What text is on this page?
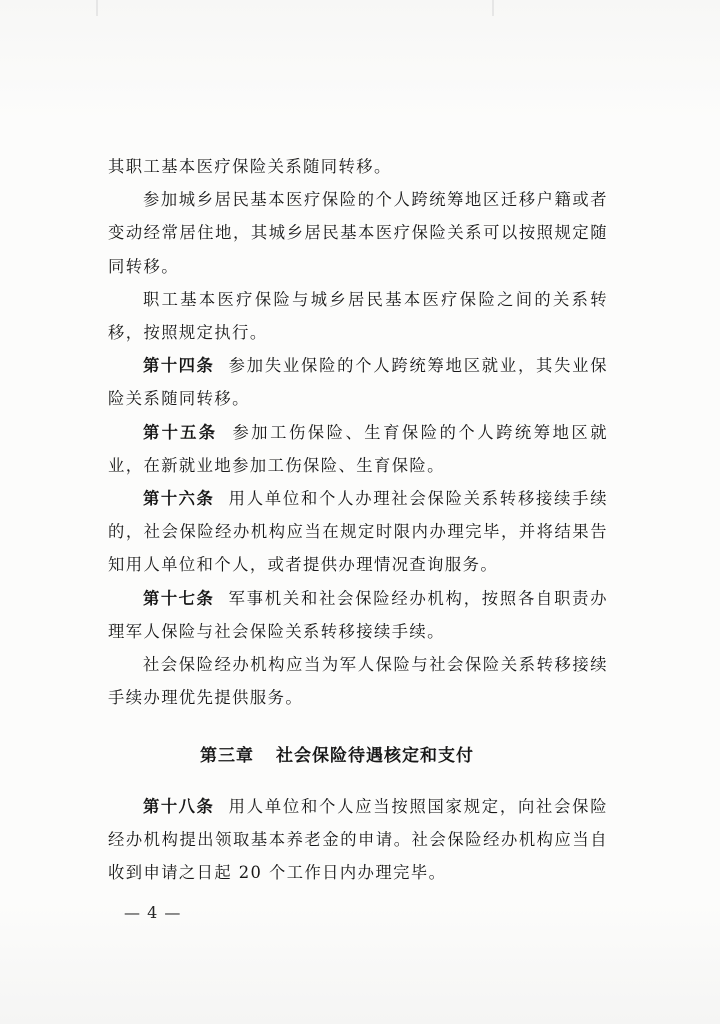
其职工基本医疗保险关系随同转移。

参加城乡居民基本医疗保险的个人跨统筹地区迁移户籍或者变动经常居住地，其城乡居民基本医疗保险关系可以按照规定随同转移。

职工基本医疗保险与城乡居民基本医疗保险之间的关系转移，按照规定执行。

第十四条 参加失业保险的个人跨统筹地区就业，其失业保险关系随同转移。

第十五条 参加工伤保险、生育保险的个人跨统筹地区就业，在新就业地参加工伤保险、生育保险。

第十六条 用人单位和个人办理社会保险关系转移接续手续的，社会保险经办机构应当在规定时限内办理完毕，并将结果告知用人单位和个人，或者提供办理情况查询服务。

第十七条 军事机关和社会保险经办机构，按照各自职责办理军人保险与社会保险关系转移接续手续。

社会保险经办机构应当为军人保险与社会保险关系转移接续手续办理优先提供服务。

第三章 社会保险待遇核定和支付

第十八条 用人单位和个人应当按照国家规定，向社会保险经办机构提出领取基本养老金的申请。社会保险经办机构应当自收到申请之日起 20 个工作日内办理完毕。

— 4 —
